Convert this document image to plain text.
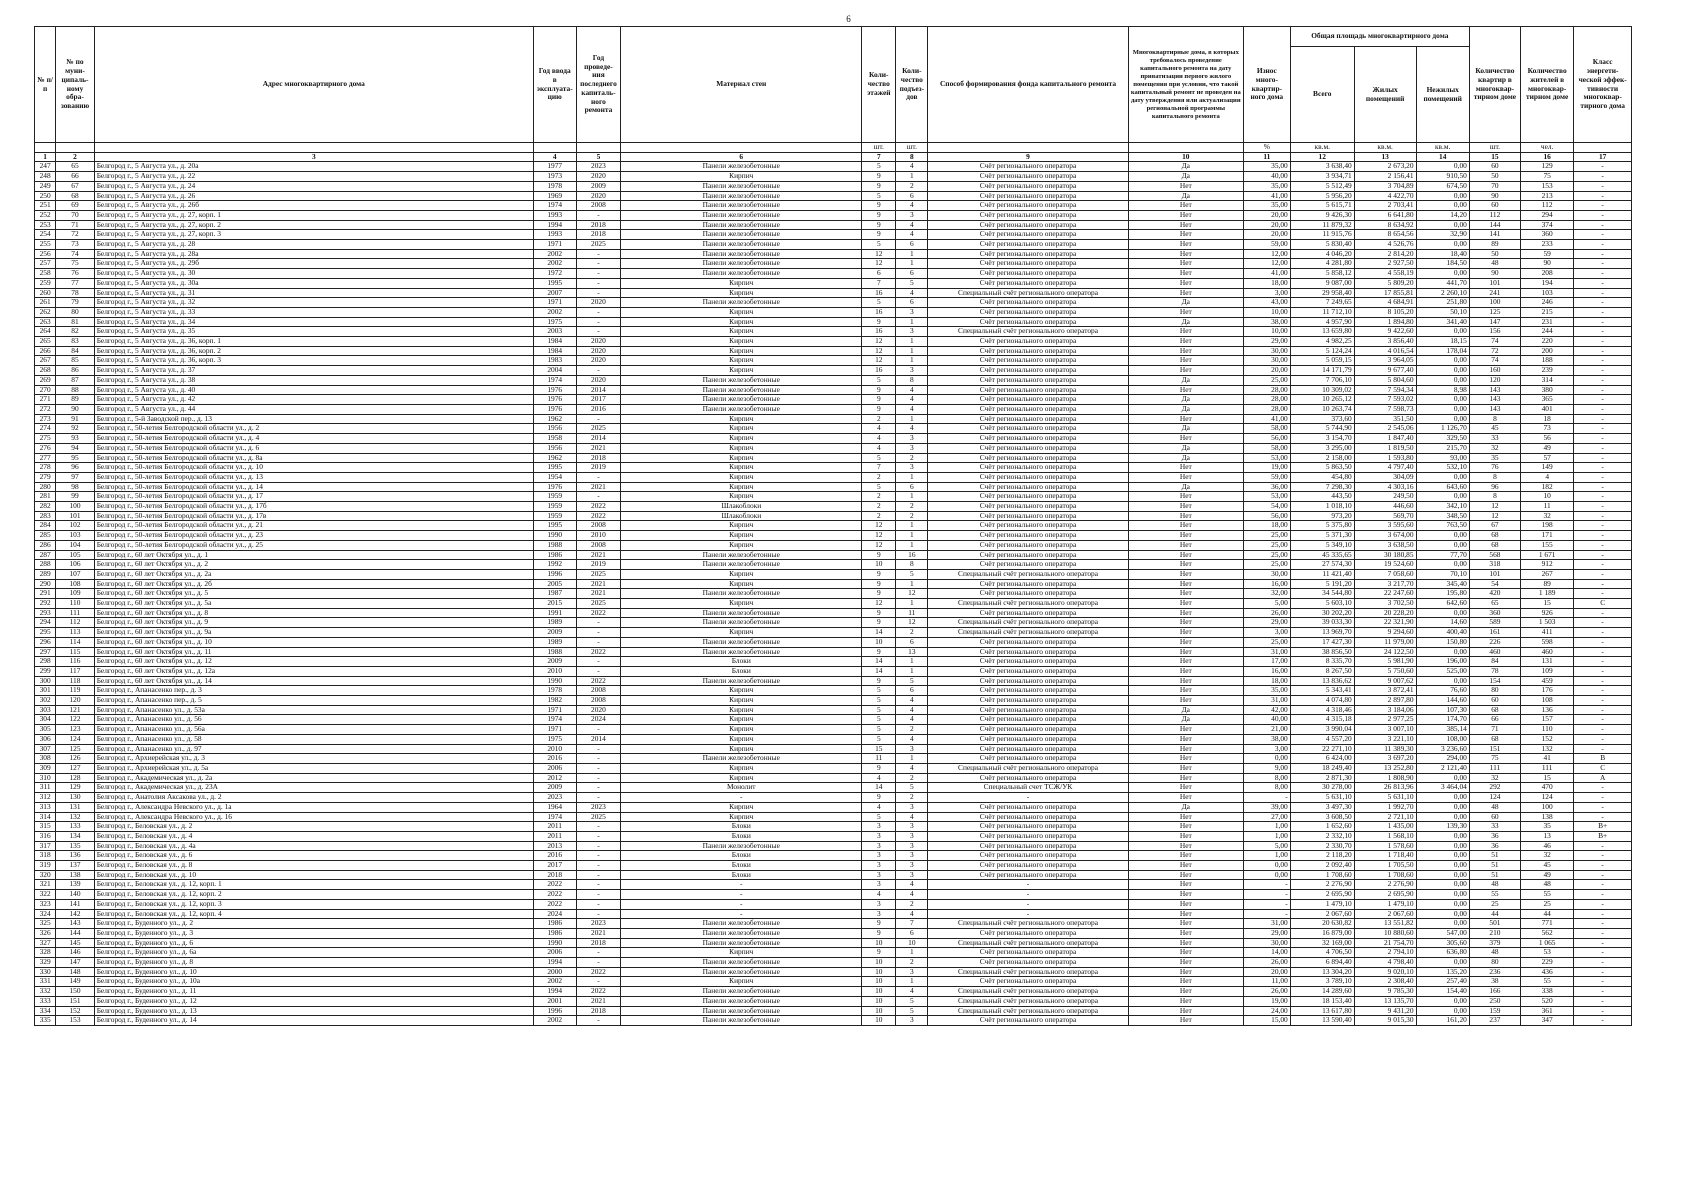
6
№ п/п	№ по муни-ципаль-ному обра-зованию	Адрес многоквартирного дома	Год ввода в эксплуата-цию	Год проведе-ния последнего капиталь-ного ремонта	Материал стен	Коли-чество этажей	Коли-чество подъез-дов	Способ формирования фонда капитального ремонта	Многоквартирные дома, в которых требовалось проведение капитального ремонта на дату приватизации первого жилого помещения при условии, что такой капитальный ремонт не проведен на дату утверждения или актуализации региональной программы капитального ремонта	Износ много-квартир-ного дома	Общая площадь многоквартирного дома			Количество квартир в многоквар-тирном доме	Количество жителей в многоквар-тирном доме	Класс энергети-ческой эффек-тивности многоквар-тирного дома
											Всего	Жилых помещений	Нежилых помещений			
						шт.	шт.			%	кв.м.	кв.м.	кв.м.	шт.	чел.	
1	2	3	4	5	6	7	8	9	10	11	12	13	14	15	16	17
247	65	Белгород г., 5 Августа ул., д. 20а	1977	2023	Панели железобетонные	5	4	Счёт регионального оператора	Да	35,00	3 638,40	2 673,20	0,00	60	129	-
248	66	Белгород г., 5 Августа ул., д. 22	1973	2020	Кирпич	9	1	Счёт регионального оператора	Да	40,00	3 934,71	2 156,41	910,50	50	75	-
249	67	Белгород г., 5 Августа ул., д. 24	1978	2009	Панели железобетонные	9	2	Счёт регионального оператора	Нет	35,00	5 512,49	3 704,89	674,50	70	153	-
250	68	Белгород г., 5 Августа ул., д. 26	1969	2020	Панели железобетонные	5	6	Счёт регионального оператора	Да	41,00	5 956,20	4 422,70	0,00	90	213	-
251	69	Белгород г., 5 Августа ул., д. 26б	1974	2008	Панели железобетонные	9	4	Счёт регионального оператора	Нет	35,00	5 615,71	2 703,41	0,00	60	112	-
252	70	Белгород г., 5 Августа ул., д. 27, корп. 1	1993	-	Панели железобетонные	9	3	Счёт регионального оператора	Нет	20,00	9 426,30	6 641,80	14,20	112	294	-
253	71	Белгород г., 5 Августа ул., д. 27, корп. 2	1994	2018	Панели железобетонные	9	4	Счёт регионального оператора	Нет	20,00	11 879,32	8 634,92	0,00	144	374	-
254	72	Белгород г., 5 Августа ул., д. 27, корп. 3	1993	2018	Панели железобетонные	9	4	Счёт регионального оператора	Нет	20,00	11 915,76	8 654,56	32,90	141	360	-
255	73	Белгород г., 5 Августа ул., д. 28	1971	2025	Панели железобетонные	5	6	Счёт регионального оператора	Нет	59,00	5 830,40	4 526,76	0,00	89	233	-
256	74	Белгород г., 5 Августа ул., д. 28а	2002	-	Панели железобетонные	12	1	Счёт регионального оператора	Нет	12,00	4 046,20	2 814,20	18,40	50	59	-
257	75	Белгород г., 5 Августа ул., д. 29б	2002	-	Панели железобетонные	12	1	Счёт регионального оператора	Нет	12,00	4 281,80	2 927,50	184,50	48	90	-
258	76	Белгород г., 5 Августа ул., д. 30	1972	-	Панели железобетонные	6	6	Счёт регионального оператора	Нет	41,00	5 858,12	4 558,19	0,00	90	208	-
259	77	Белгород г., 5 Августа ул., д. 30а	1995	-	Кирпич	7	5	Счёт регионального оператора	Нет	18,00	9 087,00	5 809,20	441,70	101	194	-
260	78	Белгород г., 5 Августа ул., д. 31	2007	-	Кирпич	16	4	Специальный счёт регионального оператора	Нет	3,00	29 958,40	17 855,81	2 260,10	241	103	-
261	79	Белгород г., 5 Августа ул., д. 32	1971	2020	Панели железобетонные	5	6	Счёт регионального оператора	Да	43,00	7 249,65	4 684,91	251,80	100	246	-
262	80	Белгород г., 5 Августа ул., д. 33	2002	-	Кирпич	16	3	Счёт регионального оператора	Нет	10,00	11 712,10	8 105,20	50,10	125	215	-
263	81	Белгород г., 5 Августа ул., д. 34	1975	-	Кирпич	9	1	Счёт регионального оператора	Да	38,00	4 957,90	1 894,80	341,40	147	231	-
264	82	Белгород г., 5 Августа ул., д. 35	2003	-	Кирпич	16	3	Специальный счёт регионального оператора	Нет	10,00	13 659,80	9 422,60	0,00	156	244	-
265	83	Белгород г., 5 Августа ул., д. 36, корп. 1	1984	2020	Кирпич	12	1	Счёт регионального оператора	Нет	29,00	4 982,25	3 856,40	18,15	74	220	-
266	84	Белгород г., 5 Августа ул., д. 36, корп. 2	1984	2020	Кирпич	12	1	Счёт регионального оператора	Нет	30,00	5 124,24	4 016,54	178,04	72	200	-
267	85	Белгород г., 5 Августа ул., д. 36, корп. 3	1983	2020	Кирпич	12	1	Счёт регионального оператора	Нет	30,00	5 059,15	3 964,05	0,00	74	188	-
268	86	Белгород г., 5 Августа ул., д. 37	2004	-	Кирпич	16	3	Счёт регионального оператора	Нет	20,00	14 171,79	9 677,40	0,00	160	239	-
269	87	Белгород г., 5 Августа ул., д. 38	1974	2020	Панели железобетонные	5	8	Счёт регионального оператора	Да	25,00	7 706,10	5 804,60	0,00	120	314	-
270	88	Белгород г., 5 Августа ул., д. 40	1976	2014	Панели железобетонные	9	4	Счёт регионального оператора	Нет	28,00	10 309,02	7 594,34	8,98	143	380	-
271	89	Белгород г., 5 Августа ул., д. 42	1976	2017	Панели железобетонные	9	4	Счёт регионального оператора	Да	28,00	10 265,12	7 593,02	0,00	143	365	-
272	90	Белгород г., 5 Августа ул., д. 44	1976	2016	Панели железобетонные	9	4	Счёт регионального оператора	Да	28,00	10 263,74	7 598,73	0,00	143	401	-
273	91	Белгород г., 5-й Заводской пер., д. 13	1962	-	Кирпич	2	1	Счёт регионального оператора	Нет	41,00	373,60	351,50	0,00	8	18	-
274	92	Белгород г., 50-летия Белгородской области ул., д. 2	1956	2025	Кирпич	4	4	Счёт регионального оператора	Да	58,00	5 744,90	2 545,06	1 126,70	45	73	-
275	93	Белгород г., 50-летия Белгородской области ул., д. 4	1958	2014	Кирпич	4	3	Счёт регионального оператора	Нет	56,00	3 154,70	1 847,40	329,50	33	56	-
276	94	Белгород г., 50-летия Белгородской области ул., д. 6	1956	2021	Кирпич	4	3	Счёт регионального оператора	Да	58,00	3 295,00	1 819,50	215,70	32	49	-
277	95	Белгород г., 50-летия Белгородской области ул., д. 8а	1962	2018	Кирпич	5	2	Счёт регионального оператора	Да	53,00	2 158,00	1 593,80	93,00	35	57	-
278	96	Белгород г., 50-летия Белгородской области ул., д. 10	1995	2019	Кирпич	7	3	Счёт регионального оператора	Нет	19,00	5 863,50	4 797,40	532,10	76	149	-
279	97	Белгород г., 50-летия Белгородской области ул., д. 13	1954	-	Кирпич	2	1	Счёт регионального оператора	Нет	59,00	454,80	304,09	0,00	8	4	-
280	98	Белгород г., 50-летия Белгородской области ул., д. 14	1976	2021	Кирпич	5	6	Счёт регионального оператора	Да	36,00	7 298,30	4 303,16	643,60	96	182	-
281	99	Белгород г., 50-летия Белгородской области ул., д. 17	1959	-	Кирпич	2	1	Счёт регионального оператора	Нет	53,00	443,50	249,50	0,00	8	10	-
282	100	Белгород г., 50-летия Белгородской области ул., д. 17б	1959	2022	Шлакоблоки	2	2	Счёт регионального оператора	Нет	54,00	1 018,10	446,60	342,10	12	11	-
283	101	Белгород г., 50-летия Белгородской области ул., д. 17в	1959	2022	Шлакоблоки	2	2	Счёт регионального оператора	Нет	56,00	973,20	569,70	348,50	12	32	-
284	102	Белгород г., 50-летия Белгородской области ул., д. 21	1995	2008	Кирпич	12	1	Счёт регионального оператора	Нет	18,00	5 375,80	3 595,60	763,50	67	198	-
285	103	Белгород г., 50-летия Белгородской области ул., д. 23	1990	2010	Кирпич	12	1	Счёт регионального оператора	Нет	25,00	5 371,30	3 674,00	0,00	68	171	-
286	104	Белгород г., 50-летия Белгородской области ул., д. 25	1988	2008	Кирпич	12	1	Счёт регионального оператора	Нет	25,00	5 349,10	3 638,50	0,00	68	155	-
287	105	Белгород г., 60 лет Октября ул., д. 1	1986	2021	Панели железобетонные	9	16	Счёт регионального оператора	Нет	25,00	45 335,65	30 180,85	77,70	568	1 671	-
288	106	Белгород г., 60 лет Октября ул., д. 2	1992	2019	Панели железобетонные	10	8	Счёт регионального оператора	Нет	25,00	27 574,30	19 524,60	0,00	318	912	-
289	107	Белгород г., 60 лет Октября ул., д. 2а	1996	2025	Кирпич	9	5	Специальный счёт регионального оператора	Нет	30,00	11 421,40	7 058,60	70,10	101	267	-
290	108	Белгород г., 60 лет Октября ул., д. 2б	2005	2021	Кирпич	9	1	Счёт регионального оператора	Нет	16,00	5 191,20	3 217,70	345,40	54	89	-
291	109	Белгород г., 60 лет Октября ул., д. 5	1987	2021	Панели железобетонные	9	12	Счёт регионального оператора	Нет	32,00	34 544,80	22 247,60	195,80	420	1 189	-
292	110	Белгород г., 60 лет Октября ул., д. 5а	2015	2025	Кирпич	12	1	Специальный счёт регионального оператора	Нет	5,00	5 603,10	3 702,50	642,60	65	15	С
293	111	Белгород г., 60 лет Октября ул., д. 8	1991	2022	Панели железобетонные	9	11	Счёт регионального оператора	Нет	26,00	30 202,20	20 228,20	0,00	360	926	-
294	112	Белгород г., 60 лет Октября ул., д. 9	1989	-	Панели железобетонные	9	12	Специальный счёт регионального оператора	Нет	29,00	39 033,30	22 321,90	14,60	589	1 503	-
295	113	Белгород г., 60 лет Октября ул., д. 9а	2009	-	Кирпич	14	2	Специальный счёт регионального оператора	Нет	3,00	13 969,70	9 294,60	400,40	161	411	-
296	114	Белгород г., 60 лет Октября ул., д. 10	1989	-	Панели железобетонные	10	6	Счёт регионального оператора	Нет	25,00	17 427,30	11 979,00	150,80	226	598	-
297	115	Белгород г., 60 лет Октября ул., д. 11	1988	2022	Панели железобетонные	9	13	Счёт регионального оператора	Нет	31,00	38 856,50	24 122,50	0,00	460	460	-
298	116	Белгород г., 60 лет Октября ул., д. 12	2009	-	Блоки	14	1	Счёт регионального оператора	Нет	17,00	8 335,70	5 981,90	196,00	84	131	-
299	117	Белгород г., 60 лет Октября ул., д. 12а	2010	-	Блоки	14	1	Счёт регионального оператора	Нет	16,00	8 267,50	5 750,60	525,00	78	109	-
300	118	Белгород г., 60 лет Октября ул., д. 14	1990	2022	Панели железобетонные	9	5	Счёт регионального оператора	Нет	18,00	13 836,62	9 007,62	0,00	154	459	-
301	119	Белгород г., Апанасенко пер., д. 3	1978	2008	Кирпич	5	6	Счёт регионального оператора	Нет	35,00	5 343,41	3 872,41	76,60	80	176	-
302	120	Белгород г., Апанасенко пер., д. 5	1982	2008	Кирпич	5	4	Счёт регионального оператора	Нет	31,00	4 074,80	2 897,80	144,60	60	108	-
303	121	Белгород г., Апанасенко ул., д. 53а	1971	2020	Кирпич	5	4	Счёт регионального оператора	Да	42,00	4 318,46	3 184,06	107,30	68	136	-
304	122	Белгород г., Апанасенко ул., д. 56	1974	2024	Кирпич	5	4	Счёт регионального оператора	Да	40,00	4 315,18	2 977,25	174,70	66	157	-
305	123	Белгород г., Апанасенко ул., д. 56а	1971	-	Кирпич	5	2	Счёт регионального оператора	Нет	21,00	3 990,04	3 007,10	385,14	71	110	-
306	124	Белгород г., Апанасенко ул., д. 58	1975	2014	Кирпич	5	4	Счёт регионального оператора	Нет	38,00	4 557,20	3 221,10	108,00	68	152	-
307	125	Белгород г., Апанасенко ул., д. 97	2010	-	Кирпич	15	3	Счёт регионального оператора	Нет	3,00	22 271,10	11 389,30	3 236,60	151	132	-
308	126	Белгород г., Архиерейская ул., д. 3	2016	-	Панели железобетонные	11	1	Счёт регионального оператора	Нет	0,00	6 424,00	3 697,20	294,00	75	41	B
309	127	Белгород г., Архиерейская ул., д. 5а	2006	-	Кирпич	9	4	Специальный счёт регионального оператора	Нет	9,00	18 249,40	13 252,80	2 121,40	111	111	C
310	128	Белгород г., Академическая ул., д. 2а	2012	-	Кирпич	4	2	Счёт регионального оператора	Нет	8,00	2 871,30	1 808,90	0,00	32	15	A
311	129	Белгород г., Академическая ул., д. 23А	2009	-	Монолит	14	5	Специальный счет ТСЖ/УК	Нет	8,00	30 278,00	26 813,96	3 464,04	292	470	-
312	130	Белгород г., Анатолия Аксакова ул., д. 2	2023	-	-	9	2	-	Нет	-	5 631,10	5 631,10	0,00	124	124	-
313	131	Белгород г., Александра Невского ул., д. 1а	1964	2023	Кирпич	4	3	Счёт регионального оператора	Да	39,00	3 497,30	1 992,70	0,00	48	100	-
314	132	Белгород г., Александра Невского ул., д. 16	1974	2025	Кирпич	5	4	Счёт регионального оператора	Нет	27,00	3 608,50	2 721,10	0,00	60	138	-
315	133	Белгород г., Беловская ул., д. 2	2011	-	Блоки	3	3	Счёт регионального оператора	Нет	1,00	1 652,60	1 435,00	139,30	33	35	B+
316	134	Белгород г., Беловская ул., д. 4	2011	-	Блоки	3	3	Счёт регионального оператора	Нет	1,00	2 332,10	1 568,10	0,00	36	13	B+
317	135	Белгород г., Беловская ул., д. 4а	2013	-	Панели железобетонные	3	3	Счёт регионального оператора	Нет	5,00	2 330,70	1 578,60	0,00	36	46	-
318	136	Белгород г., Беловская ул., д. 6	2016	-	Блоки	3	3	Счёт регионального оператора	Нет	1,00	2 118,20	1 718,40	0,00	51	32	-
319	137	Белгород г., Беловская ул., д. 8	2017	-	Блоки	3	3	Счёт регионального оператора	Нет	0,00	2 092,40	1 705,50	0,00	51	45	-
320	138	Белгород г., Беловская ул., д. 10	2018	-	Блоки	3	3	Счёт регионального оператора	Нет	0,00	1 708,60	1 708,60	0,00	51	49	-
321	139	Белгород г., Беловская ул., д. 12, корп. 1	2022	-	-	3	4	-	Нет	-	2 276,90	2 276,90	0,00	48	48	-
322	140	Белгород г., Беловская ул., д. 12, корп. 2	2022	-	-	4	4	-	Нет	-	2 695,90	2 695,90	0,00	55	55	-
323	141	Белгород г., Беловская ул., д. 12, корп. 3	2022	-	-	3	2	-	Нет	-	1 479,10	1 479,10	0,00	25	25	-
324	142	Белгород г., Беловская ул., д. 12, корп. 4	2024	-	-	3	4	-	Нет	-	2 067,60	2 067,60	0,00	44	44	-
325	143	Белгород г., Буденного ул., д. 2	1986	2023	Панели железобетонные	9	7	Специальный счёт регионального оператора	Нет	31,00	20 630,82	13 551,82	0,00	501	771	-
326	144	Белгород г., Буденного ул., д. 3	1986	2021	Панели железобетонные	9	6	Счёт регионального оператора	Нет	29,00	16 879,00	10 880,60	547,00	210	562	-
327	145	Белгород г., Буденного ул., д. 6	1990	2018	Панели железобетонные	10	10	Специальный счёт регионального оператора	Нет	30,00	32 169,00	21 754,70	305,60	379	1 065	-
328	146	Белгород г., Буденного ул., д. 6а	2006	-	Кирпич	9	1	Счёт регионального оператора	Нет	14,00	4 706,50	2 794,10	636,80	48	53	-
329	147	Белгород г., Буденного ул., д. 8	1994	-	Панели железобетонные	10	2	Счёт регионального оператора	Нет	26,00	6 894,40	4 798,40	0,00	80	229	-
330	148	Белгород г., Буденного ул., д. 10	2000	2022	Панели железобетонные	10	3	Специальный счёт регионального оператора	Нет	20,00	13 304,20	9 020,10	135,20	236	436	-
331	149	Белгород г., Буденного ул., д. 10а	2002	-	Кирпич	10	1	Счёт регионального оператора	Нет	11,00	3 789,10	2 308,40	257,40	38	55	-
332	150	Белгород г., Буденного ул., д. 11	1994	2022	Панели железобетонные	10	4	Специальный счёт регионального оператора	Нет	26,00	14 289,60	9 785,30	154,40	166	338	-
333	151	Белгород г., Буденного ул., д. 12	2001	2021	Панели железобетонные	10	5	Специальный счёт регионального оператора	Нет	19,00	18 153,40	13 135,70	0,00	250	520	-
334	152	Белгород г., Буденного ул., д. 13	1996	2018	Панели железобетонные	10	5	Специальный счёт регионального оператора	Нет	24,00	13 617,80	9 431,20	0,00	159	361	-
335	153	Белгород г., Буденного ул., д. 14	2002	-	Панели железобетонные	10	3	Счёт регионального оператора	Нет	15,00	13 590,40	9 015,30	161,20	237	347	-
